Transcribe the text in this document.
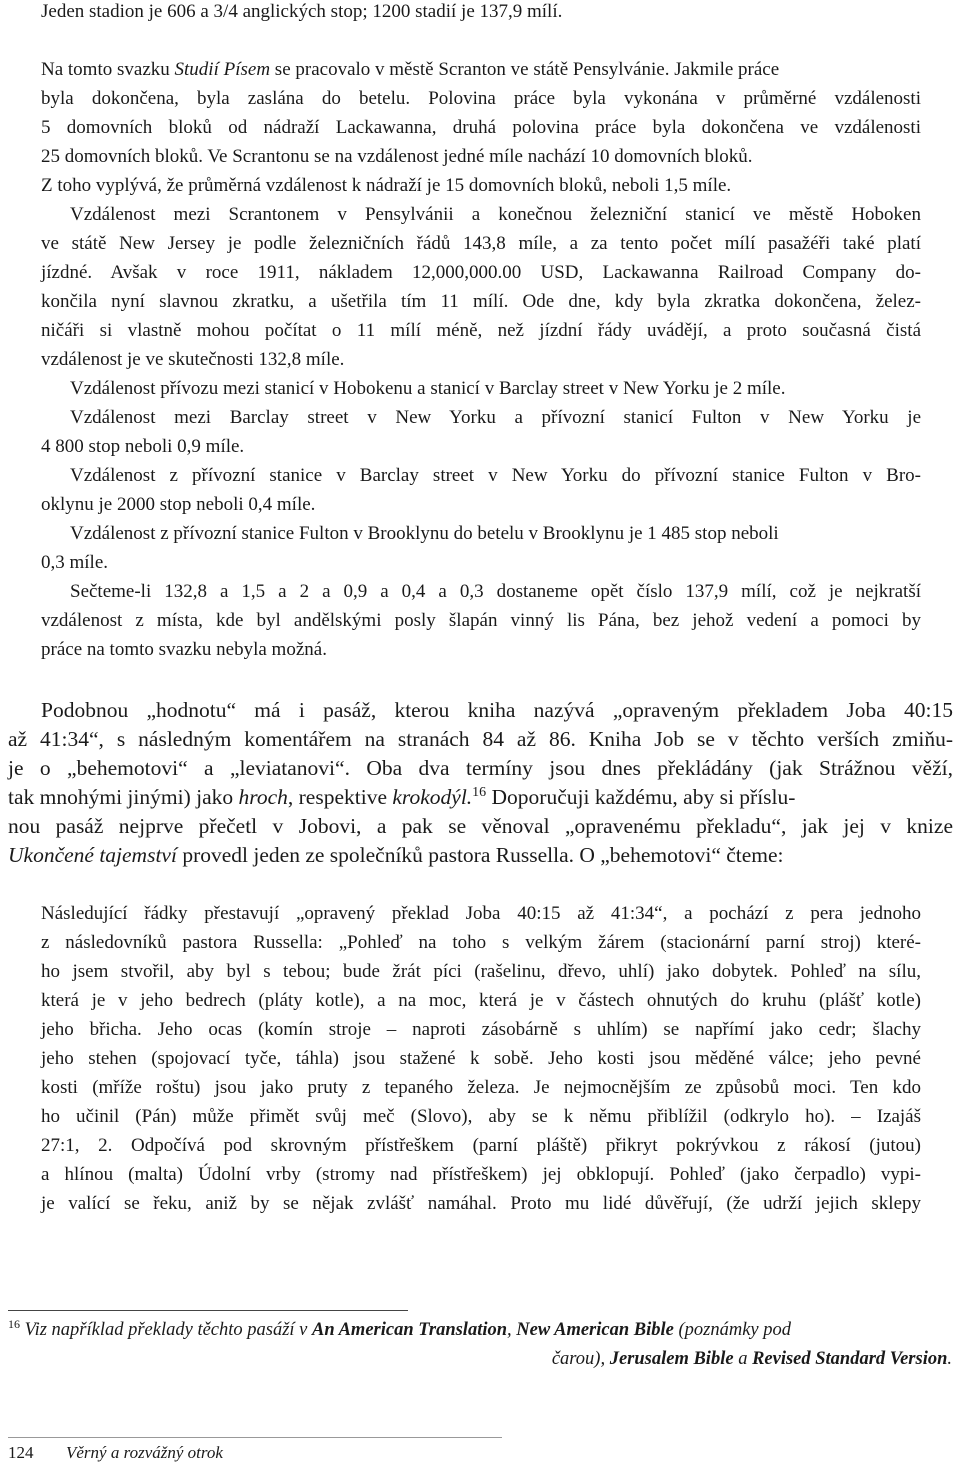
Jeden stadion je 606 a 3/4 anglických stop; 1200 stadií je 137,9 mílí.

Na tomto svazku Studií Písem se pracovalo v městě Scranton ve státě Pensylvánie. Jakmile práce

byla dokončena, byla zaslána do betelu. Polovina práce byla vykonána v průměrné vzdálenosti

5 domovních bloků od nádraží Lackawanna, druhá polovina práce byla dokončena ve vzdálenosti

25 domovních bloků. Ve Scrantonu se na vzdálenost jedné míle nachází 10 domovních bloků.

Z toho vyplývá, že průměrná vzdálenost k nádraží je 15 domovních bloků, neboli 1,5 míle.

Vzdálenost mezi Scrantonem v Pensylvánii a konečnou železniční stanicí ve městě Hoboken

ve státě New Jersey je podle železničních řádů 143,8 míle, a za tento počet mílí pasažéři také platí

jízdné. Avšak v roce 1911, nákladem 12,000,000.00 USD, Lackawanna Railroad Company do-

končila nyní slavnou zkratku, a ušetřila tím 11 mílí. Ode dne, kdy byla zkratka dokončena, želez-

ničáři si vlastně mohou počítat o 11 mílí méně, než jízdní řády uvádějí, a proto současná čistá

vzdálenost je ve skutečnosti 132,8 míle.

Vzdálenost přívozu mezi stanicí v Hobokenu a stanicí v Barclay street v New Yorku je 2 míle.

Vzdálenost mezi Barclay street v New Yorku a přívozní stanicí Fulton v New Yorku je

4 800 stop neboli 0,9 míle.

Vzdálenost z přívozní stanice v Barclay street v New Yorku do přívozní stanice Fulton v Bro-

oklynu je 2000 stop neboli 0,4 míle.

Vzdálenost z přívozní stanice Fulton v Brooklynu do betelu v Brooklynu je 1 485 stop neboli

0,3 míle.

Sečteme-li 132,8 a 1,5 a 2 a 0,9 a 0,4 a 0,3 dostaneme opět číslo 137,9 mílí, což je nejkratší

vzdálenost z místa, kde byl andělskými posly šlapán vinný lis Pána, bez jehož vedení a pomoci by

práce na tomto svazku nebyla možná.

Podobnou „hodnotu“ má i pasáž, kterou kniha nazývá „opraveným překladem Joba 40:15

až 41:34“, s následným komentářem na stranách 84 až 86. Kniha Job se v těchto verších zmiňu-

je o „behemotovi“ a „leviatanovi“. Oba dva termíny jsou dnes překládány (jak Strážnou věží,

tak mnohými jinými) jako hroch, respektive krokodýl.$^{16}$ Doporučuji každému, aby si příslu-

nou pasáž nejprve přečetl v Jobovi, a pak se věnoval „opravenému překladu“, jak jej v knize

Ukončené tajemství provedl jeden ze společníků pastora Russella. O „behemotovi“ čteme:

Následující řádky přestavují „opravený překlad Joba 40:15 až 41:34“, a pochází z pera jednoho

z následovníků pastora Russella: „Pohleď na toho s velkým žárem (stacionární parní stroj) které-

ho jsem stvořil, aby byl s tebou; bude žrát píci (rašelinu, dřevo, uhlí) jako dobytek. Pohleď na sílu,

která je v jeho bedrech (pláty kotle), a na moc, která je v částech ohnutých do kruhu (plášť kotle)

jeho břicha. Jeho ocas (komín stroje – naproti zásobárně s uhlím) se napřímí jako cedr; šlachy

jeho stehen (spojovací tyče, táhla) jsou stažené k sobě. Jeho kosti jsou měděné válce; jeho pevné

kosti (mříže roštu) jsou jako pruty z tepaného železa. Je nejmocnějším ze způsobů moci. Ten kdo

ho učinil (Pán) může přimět svůj meč (Slovo), aby se k němu přiblížil (odkrylo ho). – Izajáš

27:1, 2. Odpočívá pod skrovným přístřeškem (parní pláště) přikryt pokrývkou z rákosí (jutou)

a hlínou (malta) Údolní vrby (stromy nad přístřeškem) jej obklopují. Pohleď (jako čerpadlo) vypi-

je valící se řeku, aniž by se nějak zvlášť namáhal. Proto mu lidé důvěřují, (že udrží jejich sklepy

$^{16}$ Viz například překlady těchto pasáží v An American Translation, New American Bible (poznámky pod

čarou), Jerusalem Bible a Revised Standard Version.

124 Věrný a rozvážný otrok
